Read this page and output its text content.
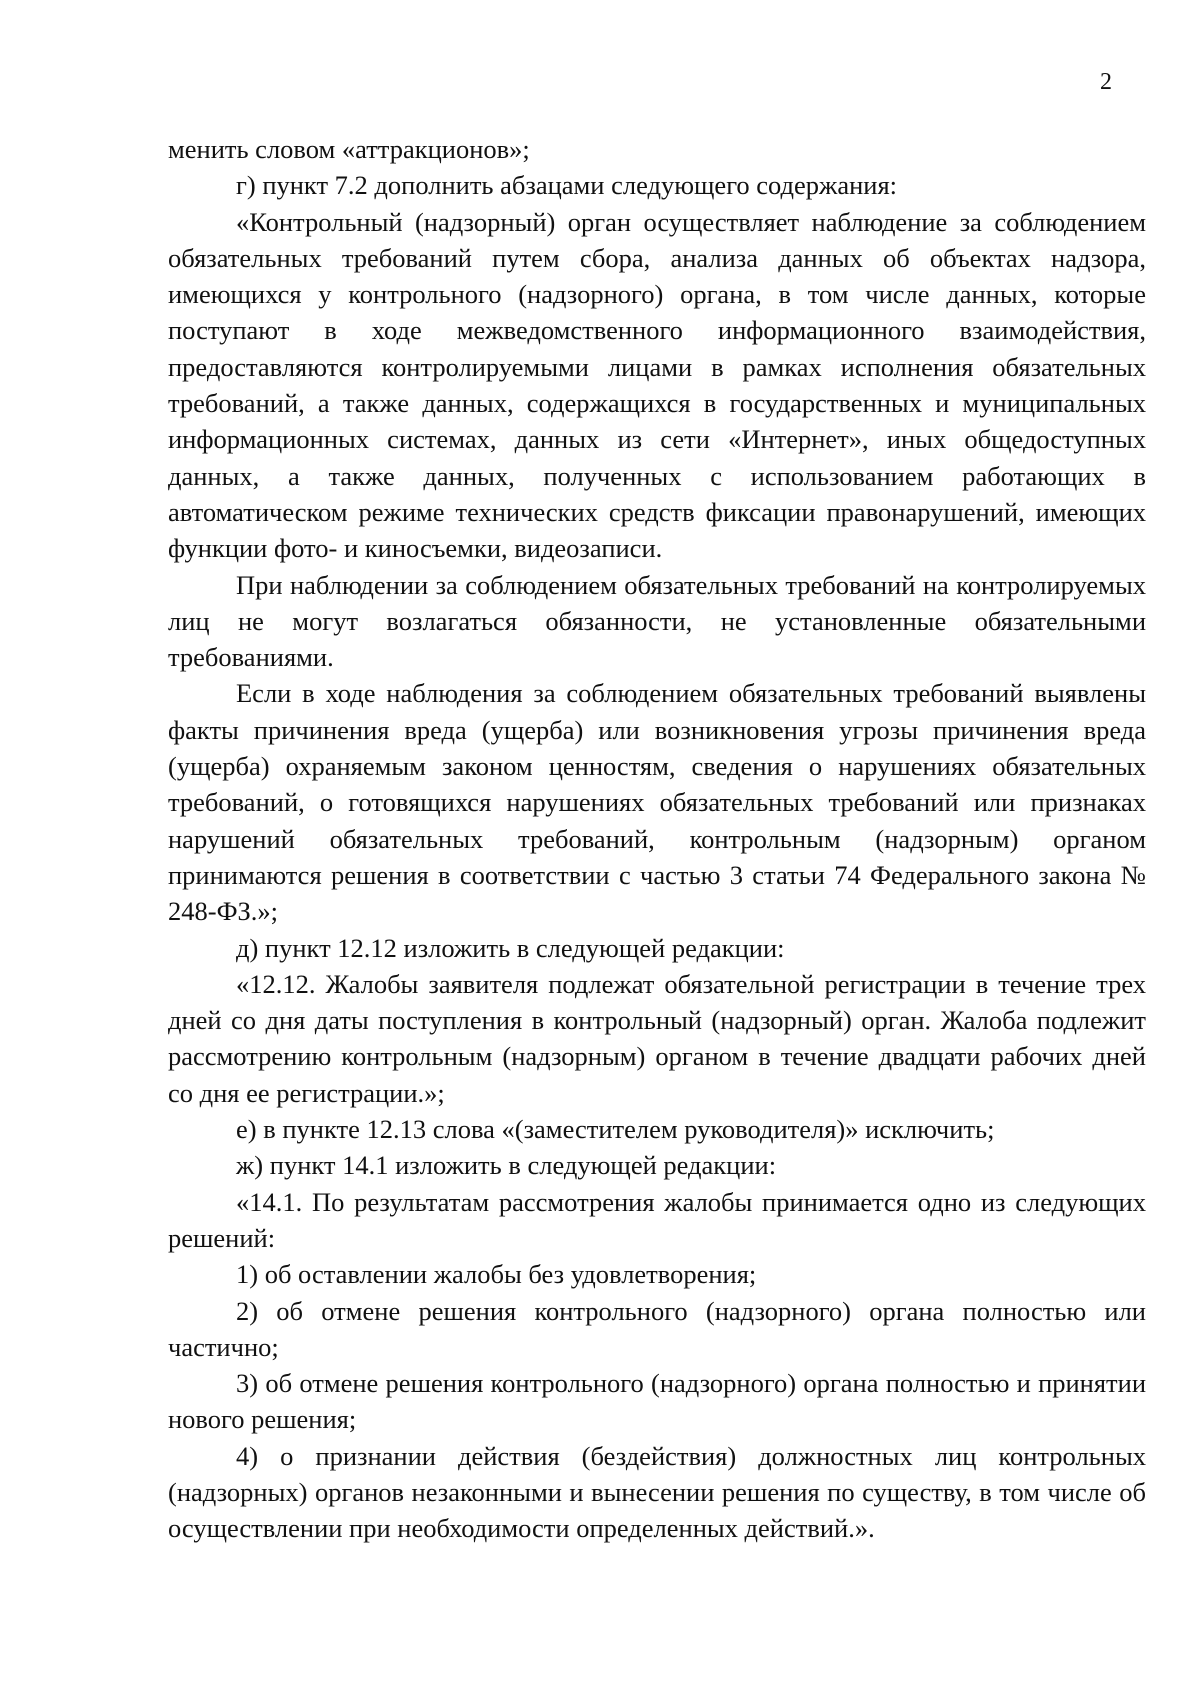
2

менить словом «аттракционов»;

г) пункт 7.2 дополнить абзацами следующего содержания:

«Контрольный (надзорный) орган осуществляет наблюдение за соблюдением обязательных требований путем сбора, анализа данных об объектах надзора, имеющихся у контрольного (надзорного) органа, в том числе данных, которые поступают в ходе межведомственного информационного взаимодействия, предоставляются контролируемыми лицами в рамках исполнения обязательных требований, а также данных, содержащихся в государственных и муниципальных информационных системах, данных из сети «Интернет», иных общедоступных данных, а также данных, полученных с использованием работающих в автоматическом режиме технических средств фиксации правонарушений, имеющих функции фото- и киносъемки, видеозаписи.

При наблюдении за соблюдением обязательных требований на контролируемых лиц не могут возлагаться обязанности, не установленные обязательными требованиями.

Если в ходе наблюдения за соблюдением обязательных требований выявлены факты причинения вреда (ущерба) или возникновения угрозы причинения вреда (ущерба) охраняемым законом ценностям, сведения о нарушениях обязательных требований, о готовящихся нарушениях обязательных требований или признаках нарушений обязательных требований, контрольным (надзорным) органом принимаются решения в соответствии с частью 3 статьи 74 Федерального закона № 248-ФЗ.»;

д) пункт 12.12 изложить в следующей редакции:

«12.12. Жалобы заявителя подлежат обязательной регистрации в течение трех дней со дня даты поступления в контрольный (надзорный) орган. Жалоба подлежит рассмотрению контрольным (надзорным) органом в течение двадцати рабочих дней со дня ее регистрации.»;

е) в пункте 12.13 слова «(заместителем руководителя)» исключить;

ж) пункт 14.1 изложить в следующей редакции:

«14.1. По результатам рассмотрения жалобы принимается одно из следующих решений:

1) об оставлении жалобы без удовлетворения;

2) об отмене решения контрольного (надзорного) органа полностью или частично;

3) об отмене решения контрольного (надзорного) органа полностью и принятии нового решения;

4) о признании действия (бездействия) должностных лиц контрольных (надзорных) органов незаконными и вынесении решения по существу, в том числе об осуществлении при необходимости определенных действий.».
